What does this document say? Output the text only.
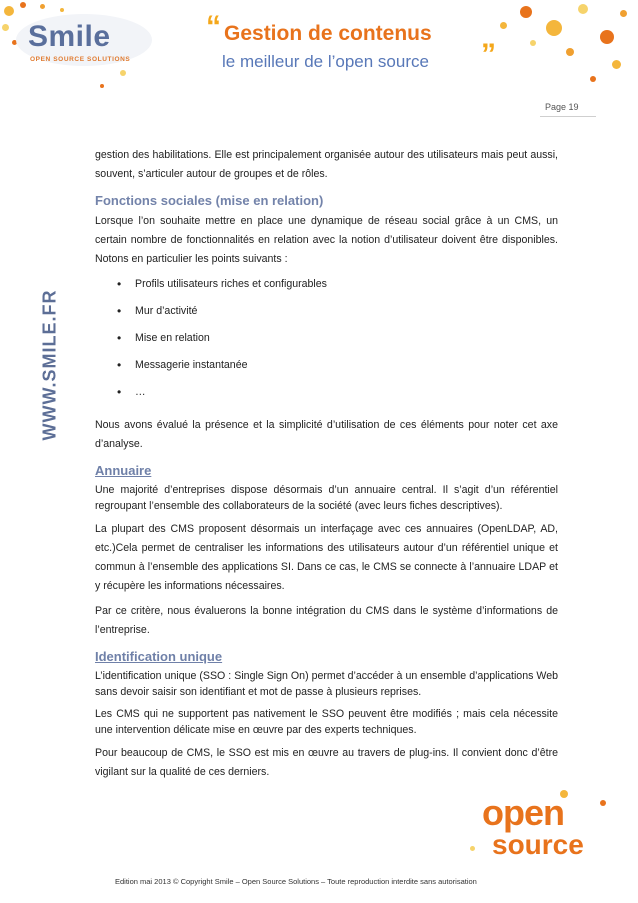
Smile
OPEN SOURCE SOLUTIONS
“ Gestion de contenus
le meilleur de l’open source ”
Page 19
WWW.SMILE.FR

gestion des habilitations. Elle est principalement organisée autour des utilisateurs mais peut aussi, souvent, s’articuler autour de groupes et de rôles.

Fonctions sociales (mise en relation)

Lorsque l’on souhaite mettre en place une dynamique de réseau social grâce à un CMS, un certain nombre de fonctionnalités en relation avec la notion d’utilisateur doivent être disponibles. Notons en particulier les points suivants :

• Profils utilisateurs riches et configurables
• Mur d’activité
• Mise en relation
• Messagerie instantanée
• …

Nous avons évalué la présence et la simplicité d’utilisation de ces éléments pour noter cet axe d’analyse.

Annuaire

Une majorité d’entreprises dispose désormais d’un annuaire central. Il s’agit d’un référentiel regroupant l’ensemble des collaborateurs de la société (avec leurs fiches descriptives).

La plupart des CMS proposent désormais un interfaçage avec ces annuaires (OpenLDAP, AD, etc.)Cela permet de centraliser les informations des utilisateurs autour d’un référentiel unique et commun à l’ensemble des applications SI. Dans ce cas, le CMS se connecte à l’annuaire LDAP et y récupère les informations nécessaires.

Par ce critère, nous évaluerons la bonne intégration du CMS dans le système d’informations de l’entreprise.

Identification unique

L’identification unique (SSO : Single Sign On) permet d’accéder à un ensemble d’applications Web sans devoir saisir son identifiant et mot de passe à plusieurs reprises.

Les CMS qui ne supportent pas nativement le SSO peuvent être modifiés ; mais cela nécessite une intervention délicate mise en œuvre par des experts techniques.

Pour beaucoup de CMS, le SSO est mis en œuvre au travers de plug-ins. Il convient donc d’être vigilant sur la qualité de ces derniers.

open
source
Edition mai 2013 © Copyright Smile – Open Source Solutions – Toute reproduction interdite sans autorisation
